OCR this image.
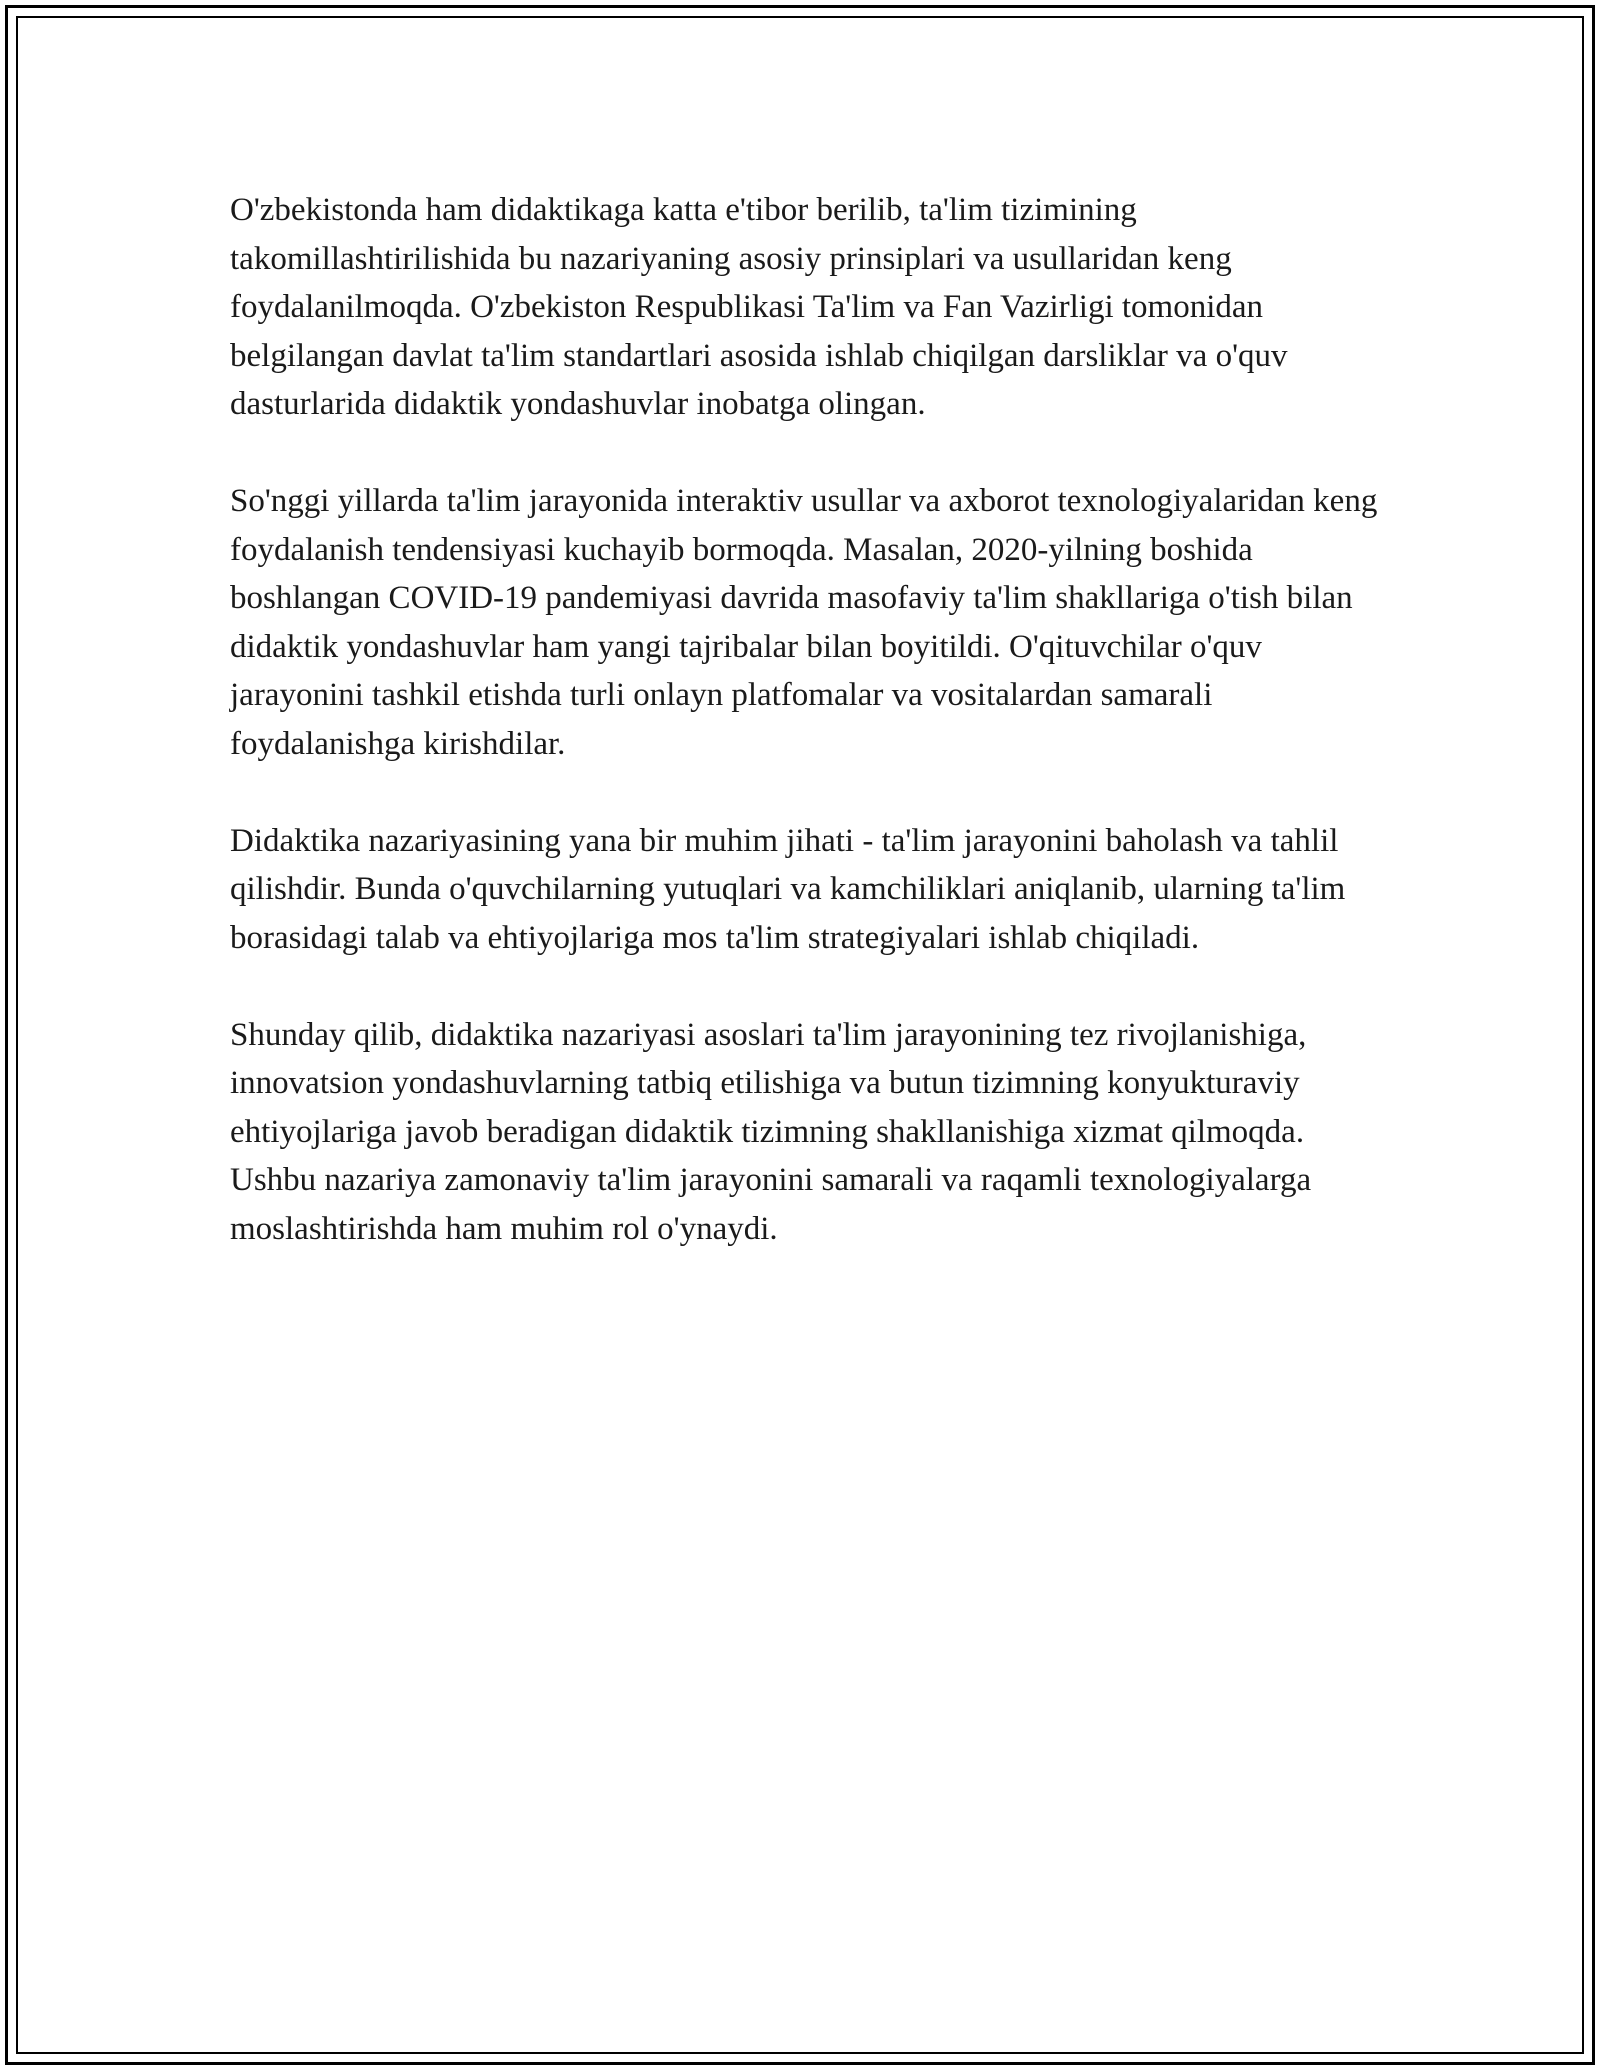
O'zbekistonda ham didaktikaga katta e'tibor berilib, ta'lim tizimining takomillashtirilishida bu nazariyaning asosiy prinsiplari va usullaridan keng foydalanilmoqda. O'zbekiston Respublikasi Ta'lim va Fan Vazirligi tomonidan belgilangan davlat ta'lim standartlari asosida ishlab chiqilgan darsliklar va o'quv dasturlarida didaktik yondashuvlar inobatga olingan.

So'nggi yillarda ta'lim jarayonida interaktiv usullar va axborot texnologiyalaridan keng foydalanish tendensiyasi kuchayib bormoqda. Masalan, 2020-yilning boshida boshlangan COVID-19 pandemiyasi davrida masofaviy ta'lim shakllariga o'tish bilan didaktik yondashuvlar ham yangi tajribalar bilan boyitildi. O'qituvchilar o'quv jarayonini tashkil etishda turli onlayn platfomalar va vositalardan samarali foydalanishga kirishdilar.

Didaktika nazariyasining yana bir muhim jihati - ta'lim jarayonini baholash va tahlil qilishdir. Bunda o'quvchilarning yutuqlari va kamchiliklari aniqlanib, ularning ta'lim borasidagi talab va ehtiyojlariga mos ta'lim strategiyalari ishlab chiqiladi.

Shunday qilib, didaktika nazariyasi asoslari ta'lim jarayonining tez rivojlanishiga, innovatsion yondashuvlarning tatbiq etilishiga va butun tizimning konyukturaviy ehtiyojlariga javob beradigan didaktik tizimning shakllanishiga xizmat qilmoqda. Ushbu nazariya zamonaviy ta'lim jarayonini samarali va raqamli texnologiyalarga moslashtirishda ham muhim rol o'ynaydi.
